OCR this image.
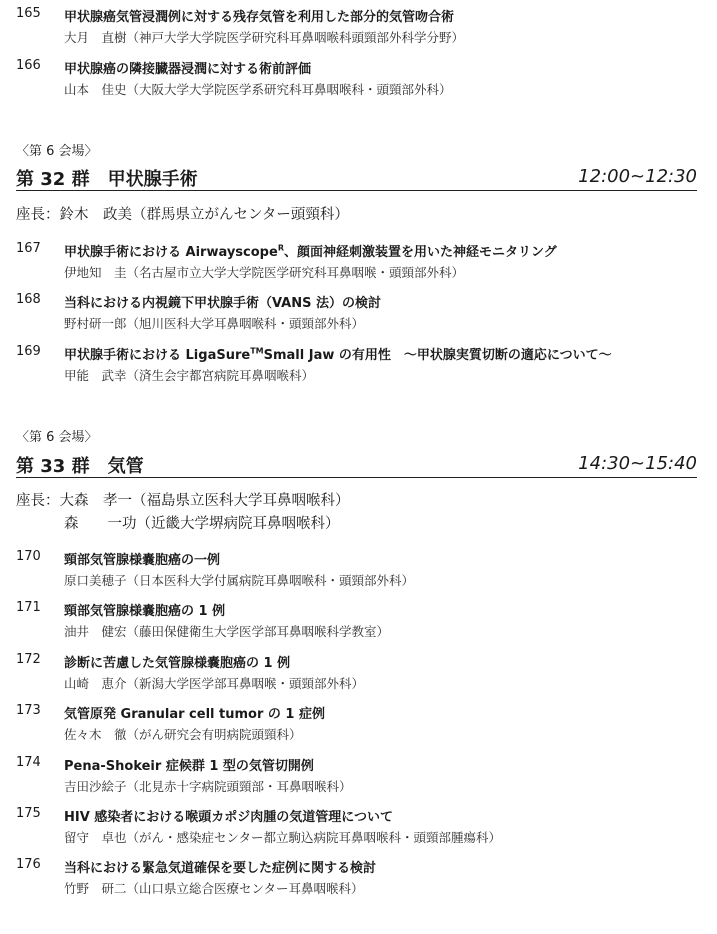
165 甲状腺癌気管浸潤例に対する残存気管を利用した部分的気管吻合術
大月　直樹（神戸大学大学院医学研究科耳鼻咽喉科頭頸部外科学分野）
166 甲状腺癌の隣接臓器浸潤に対する術前評価
山本　佳史（大阪大学大学院医学系研究科耳鼻咽喉科・頭頸部外科）
〈第 6 会場〉
第 32 群　甲状腺手術	12:00~12:30
座長：鈴木　政美（群馬県立がんセンター頭頸科）
167 甲状腺手術における Airwayscope$^R$、顔面神経刺激装置を用いた神経モニタリング
伊地知　圭（名古屋市立大学大学院医学研究科耳鼻咽喉・頭頸部外科）
168 当科における内視鏡下甲状腺手術（VANS 法）の検討
野村研一郎（旭川医科大学耳鼻咽喉科・頭頸部外科）
169 甲状腺手術における LigaSure™Small Jaw の有用性　～甲状腺実質切断の適応について～
甲能　武幸（済生会宇都宮病院耳鼻咽喉科）
〈第 6 会場〉
第 33 群　気管	14:30~15:40
座長：大森　孝一（福島県立医科大学耳鼻咽喉科）
森　　一功（近畿大学堺病院耳鼻咽喉科）
170 頸部気管腺様嚢胞癌の一例
原口美穂子（日本医科大学付属病院耳鼻咽喉科・頭頸部外科）
171 頸部気管腺様嚢胞癌の 1 例
油井　健宏（藤田保健衛生大学医学部耳鼻咽喉科学教室）
172 診断に苦慮した気管腺様嚢胞癌の 1 例
山崎　恵介（新潟大学医学部耳鼻咽喉・頭頸部外科）
173 気管原発 Granular cell tumor の 1 症例
佐々木　徹（がん研究会有明病院頭頸科）
174 Pena-Shokeir 症候群 1 型の気管切開例
吉田沙絵子（北見赤十字病院頭頸部・耳鼻咽喉科）
175 HIV 感染者における喉頭カポジ肉腫の気道管理について
留守　卓也（がん・感染症センター都立駒込病院耳鼻咽喉科・頭頸部腫瘍科）
176 当科における緊急気道確保を要した症例に関する検討
竹野　研二（山口県立総合医療センター耳鼻咽喉科）
